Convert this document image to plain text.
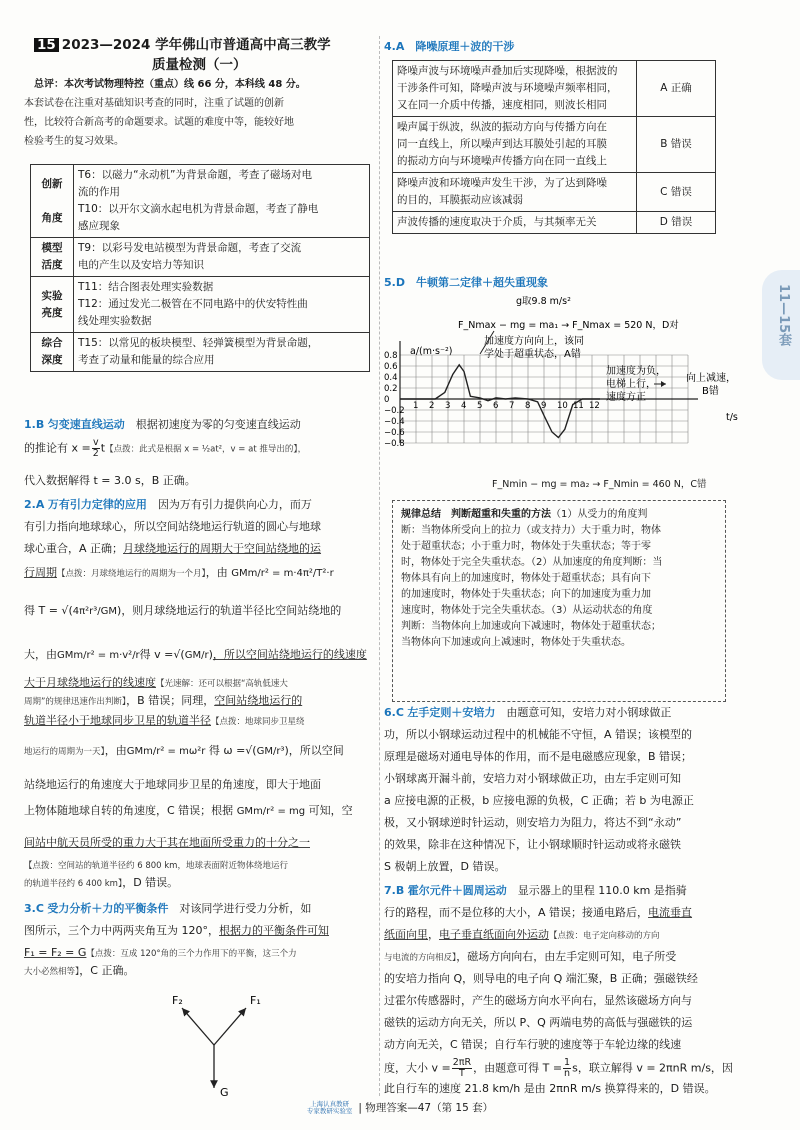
15 2023—2024 学年佛山市普通高中高三教学
质量检测（一）
总评：本次考试物理特控（重点）线 66 分，本科线 48 分。
本套试卷在注重对基础知识考查的同时，注重了试题的创新
性，比较符合新高考的命题要求。试题的难度中等，能较好地
检验考生的复习效果。
创新

角度	T6：以磁力“永动机”为背景命题，考查了磁场对电
流的作用
T10：以开尔文滴水起电机为背景命题，考查了静电
感应现象
模型
活度	T9：以彩号发电站模型为背景命题，考查了交流
电的产生以及安培力等知识
实验
亮度	T11：结合图表处理实验数据
T12：通过发光二极管在不同电路中的伏安特性曲
线处理实验数据
综合
深度	T15：以常见的板块模型、轻弹簧模型为背景命题，
考查了动量和能量的综合应用
1.B 匀变速直线运动　 根据初速度为零的匀变速直线运动
的推论有 $x = \frac{v}{2}$ t【点拨：此式是根据 x = ½at²，v = at 推导出的】，
代入数据解得 t = 3.0 s，B 正确。
2.A 万有引力定律的应用　 因为万有引力提供向心力，而万
有引力指向地球球心，所以空间站绕地运行轨道的圆心与地球
球心重合，A 正确；月球绕地运行的周期大于空间站绕地的运
行周期【点拨：月球绕地运行的周期为一个月】，由 GMm/r² = m·4π²/T²·r
得 T = √(4π²r³/GM)，则月球绕地运行的轨道半径比空间站绕地的
大，由GMm/r² = m·v²/r得 v =√(GM/r)，所以空间站绕地运行的线速度
大于月球绕地运行的线速度【光速解：还可以根据“高轨低速大
周期”的规律迅速作出判断】，B 错误；同理，空间站绕地运行的
轨道半径小于地球同步卫星的轨道半径【点拨：地球同步卫星绕
地运行的周期为一天】，由GMm/r² = mω²r 得 ω =√(GM/r³)，所以空间
站绕地运行的角速度大于地球同步卫星的角速度，即大于地面
上物体随地球自转的角速度，C 错误；根据 GMm/r² = mg 可知，空
间站中航天员所受的重力大于其在地面所受重力的十分之一
【点拨：空间站的轨道半径约 6 800 km，地球表面附近物体绕地运行
的轨道半径约 6 400 km】，D 错误。
3.C 受力分析＋力的平衡条件　 对该同学进行受力分析，如
图所示，三个力中两两夹角互为 120°，根据力的平衡条件可知
F₁ = F₂ = G【点拨：互成 120°角的三个力作用下的平衡，这三个力
大小必然相等】，C 正确。
F₂	F₁
G
4.A　 降噪原理＋波的干涉
降噪声波与环境噪声叠加后实现降噪，根据波的
干涉条件可知，降噪声波与环境噪声频率相同，
又在同一介质中传播，速度相同，则波长相同	A 正确
噪声属于纵波，纵波的振动方向与传播方向在
同一直线上，所以噪声到达耳膜处引起的耳膜
的振动方向与环境噪声传播方向在同一直线上	B 错误
降噪声波和环境噪声发生干涉，为了达到降噪
的目的，耳膜振动应该减弱	C 错误
声波传播的速度取决于介质，与其频率无关	D 错误
5.D　 牛顿第二定律＋超失重现象
0.8
0.6
0.4
0.2
0
−0.2
−0.4
−0.6
−0.8
1 2 3 4 5 6 7 8 9 10 11 12
g取9.8 m/s²
F_Nmax − mg = ma₁ → F_Nmax = 520 N，D对
加速度方向向上，该同
学处于超重状态，A错
加速度为负，
电梯上行，
速度方正
向上减速，
B错
a/(m·s⁻²)
t/s
F_Nmin − mg = ma₂ → F_Nmin = 460 N，C错
规律总结　 判断超重和失重的方法（1）从受力的角度判
断：当物体所受向上的拉力（或支持力）大于重力时，物体
处于超重状态；小于重力时，物体处于失重状态；等于零
时，物体处于完全失重状态。（2）从加速度的角度判断：当
物体具有向上的加速度时，物体处于超重状态；具有向下
的加速度时，物体处于失重状态；向下的加速度为重力加
速度时，物体处于完全失重状态。（3）从运动状态的角度
判断：当物体向上加速或向下减速时，物体处于超重状态；
当物体向下加速或向上减速时，物体处于失重状态。
6.C 左手定则＋安培力　 由题意可知，安培力对小钢球做正
功，所以小钢球运动过程中的机械能不守恒，A 错误；该模型的
原理是磁场对通电导体的作用，而不是电磁感应现象，B 错误；
小钢球离开漏斗前，安培力对小钢球做正功，由左手定则可知
a 应接电源的正极，b 应接电源的负极，C 正确；若 b 为电源正
极，又小钢球逆时针运动，则安培力为阻力，将达不到“永动”
的效果，除非在这种情况下，让小钢球顺时针运动或将永磁铁
S 极朝上放置，D 错误。
7.B 霍尔元件＋圆周运动　 显示器上的里程 110.0 km 是指骑
行的路程，而不是位移的大小，A 错误；接通电路后，电流垂直
纸面向里，电子垂直纸面向外运动【点拨：电子定向移动的方向
与电流的方向相反】，磁场方向向右，由左手定则可知，电子所受
的安培力指向 Q，则导电的电子向 Q 端汇聚，B 正确；强磁铁经
过霍尔传感器时，产生的磁场方向水平向右，显然该磁场方向与
磁铁的运动方向无关，所以 P、Q 两端电势的高低与强磁铁的运
动方向无关，C 错误；自行车行驶的速度等于车轮边缘的线速
度，大小 $v = \frac{2\pi R}{T}$ ，由题意可得 $T = \frac{1}{n}$ s，联立解得 v = 2πnR m/s，因
此自行车的速度 21.8 km/h 是由 2πnR m/s 换算得来的，D 错误。
11—15套
上海认真教研
专家教研实验室 | 物理答案—47（第 15 套）
